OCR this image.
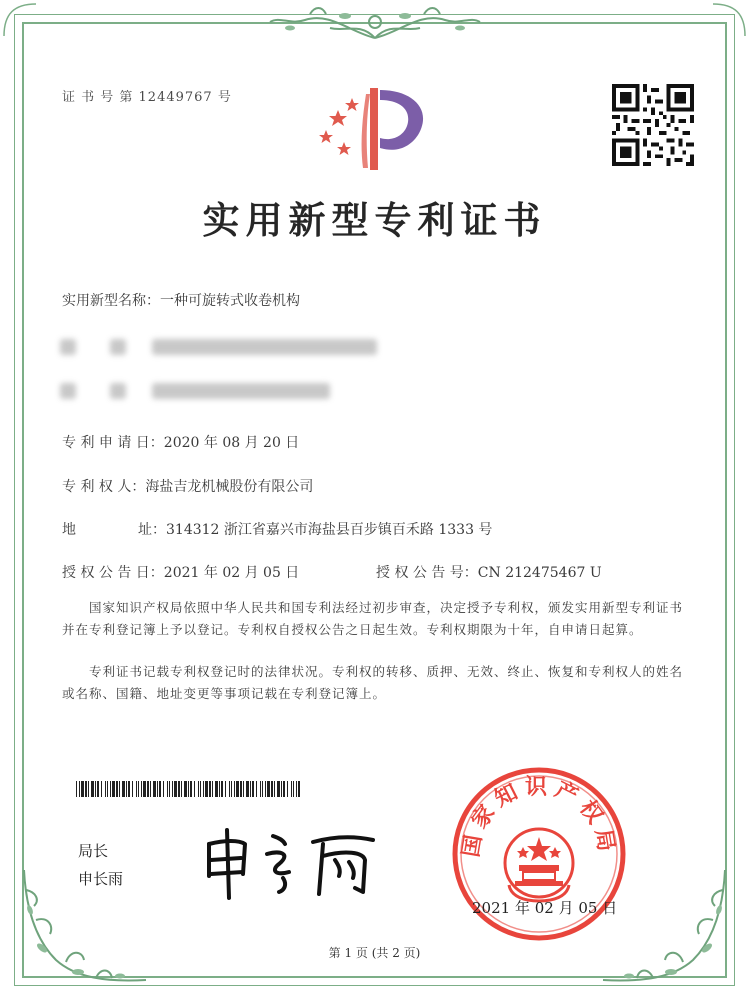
证 书 号 第 12449767 号
实用新型专利证书
实用新型名称：一种可旋转式收卷机构
专 利 申 请 日：2020 年 08 月 20 日
专 利 权 人：海盐吉龙机械股份有限公司
地	址：314312 浙江省嘉兴市海盐县百步镇百禾路 1333 号
授 权 公 告 日：2021 年 02 月 05 日	授 权 公 告 号：CN 212475467 U
　　国家知识产权局依照中华人民共和国专利法经过初步审查，决定授予专利权，颁发实用新型专利证书并在专利登记簿上予以登记。专利权自授权公告之日起生效。专利权期限为十年，自申请日起算。
　　专利证书记载专利权登记时的法律状况。专利权的转移、质押、无效、终止、恢复和专利权人的姓名或名称、国籍、地址变更等事项记载在专利登记簿上。
局长
申长雨
国家知识产权局
2021 年 02 月 05 日
第 1 页 (共 2 页)
